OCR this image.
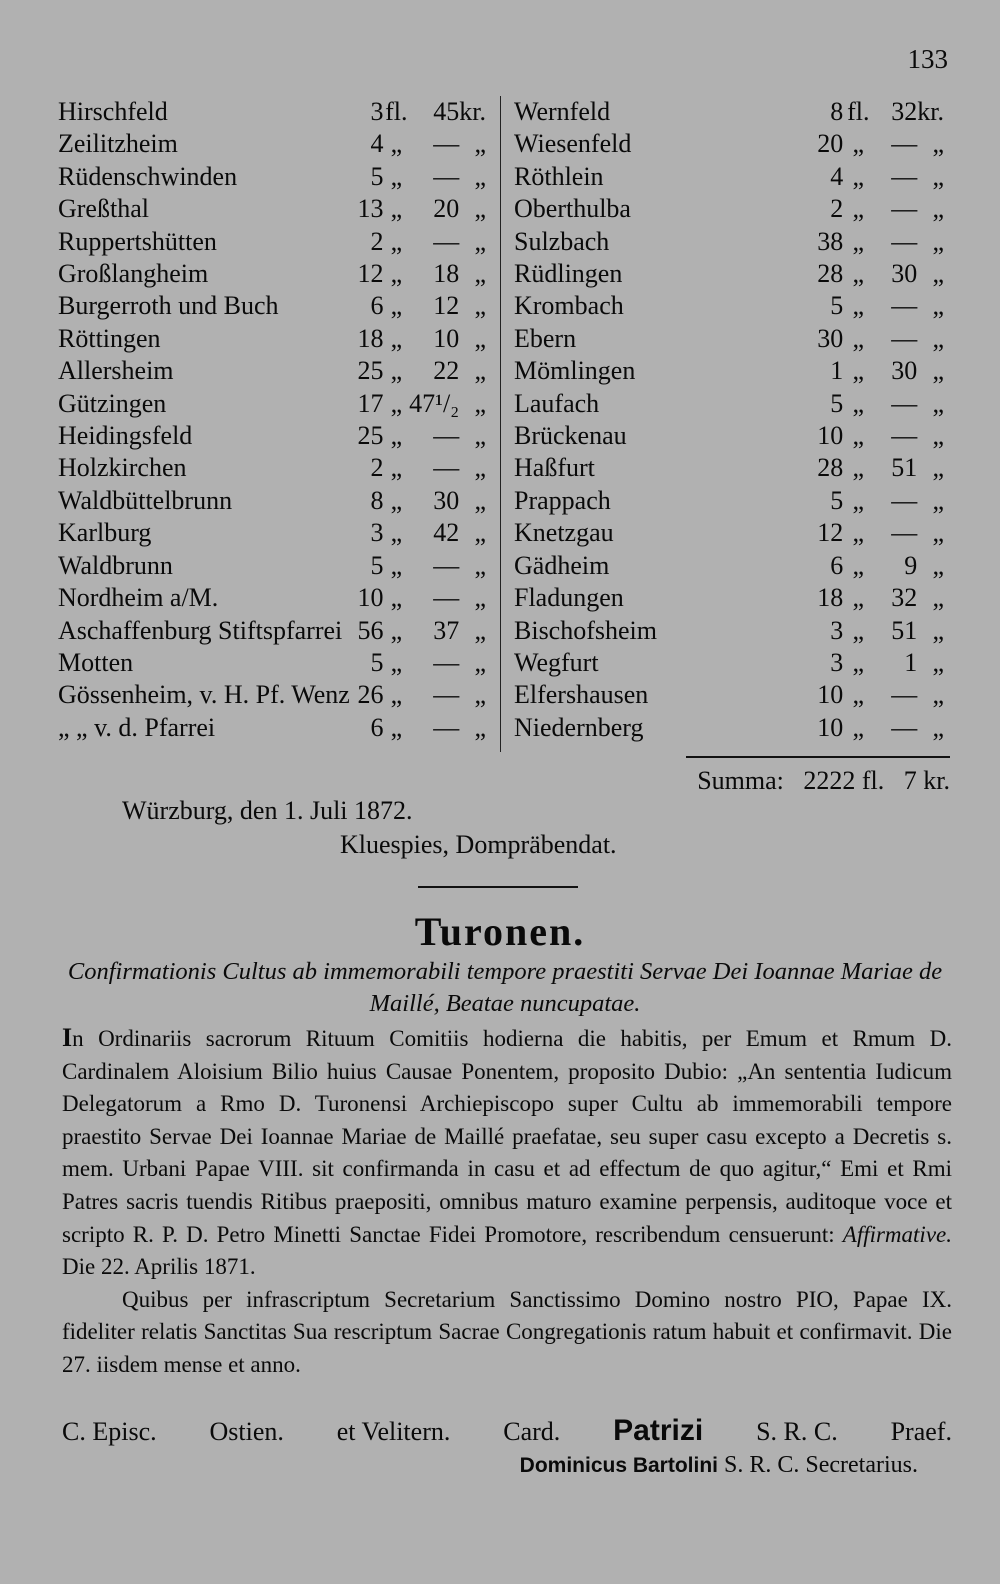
133
Hirschfeld	3	fl.	45	kr.
Zeilitzheim	4	„	—	„
Rüdenschwinden	5	„	—	„
Greßthal	13	„	20	„
Ruppertshütten	2	„	—	„
Großlangheim	12	„	18	„
Burgerroth und Buch	6	„	12	„
Röttingen	18	„	10	„
Allersheim	25	„	22	„
Gützingen	17	„	47¹/₂	„
Heidingsfeld	25	„	—	„
Holzkirchen	2	„	—	„
Waldbüttelbrunn	8	„	30	„
Karlburg	3	„	42	„
Waldbrunn	5	„	—	„
Nordheim a/M.	10	„	—	„
Aschaffenburg Stiftspfarrei	56	„	37	„
Motten	5	„	—	„
Gössenheim, v. H. Pf. Wenz	26	„	—	„
„ „ v. d. Pfarrei	6	„	—	„
Wernfeld	8	fl.	32	kr.
Wiesenfeld	20	„	—	„
Röthlein	4	„	—	„
Oberthulba	2	„	—	„
Sulzbach	38	„	—	„
Rüdlingen	28	„	30	„
Krombach	5	„	—	„
Ebern	30	„	—	„
Mömlingen	1	„	30	„
Laufach	5	„	—	„
Brückenau	10	„	—	„
Haßfurt	28	„	51	„
Prappach	5	„	—	„
Knetzgau	12	„	—	„
Gädheim	6	„	9	„
Fladungen	18	„	32	„
Bischofsheim	3	„	51	„
Wegfurt	3	„	1	„
Elfershausen	10	„	—	„
Niedernberg	10	„	—	„
Summa: 2222 fl. 7 kr.
Würzburg, den 1. Juli 1872.
Kluespies, Dompräbendat.
Turonen.
Confirmationis Cultus ab immemorabili tempore praestiti Servae Dei Ioannae Mariae de Maillé, Beatae nuncupatae.

In Ordinariis sacrorum Rituum Comitiis hodierna die habitis, per Emum et Rmum D. Cardinalem Aloisium Bilio huius Causae Ponentem, proposito Dubio: „An sententia Iudicum Delegatorum a Rmo D. Turonensi Archiepiscopo super Cultu ab immemorabili tempore praestito Servae Dei Ioannae Mariae de Maillé praefatae, seu super casu excepto a Decretis s. mem. Urbani Papae VIII. sit confirmanda in casu et ad effectum de quo agitur,“ Emi et Rmi Patres sacris tuendis Ritibus praepositi, omnibus maturo examine perpensis, auditoque voce et scripto R. P. D. Petro Minetti Sanctae Fidei Promotore, rescribendum censuerunt: Affirmative. Die 22. Aprilis 1871.

Quibus per infrascriptum Secretarium Sanctissimo Domino nostro PIO, Papae IX. fideliter relatis Sanctitas Sua rescriptum Sacrae Congregationis ratum habuit et confirmavit. Die 27. iisdem mense et anno.

C. Episc. Ostien. et Velitern. Card. Patrizi S. R. C. Praef.
Dominicus Bartolini S. R. C. Secretarius.
